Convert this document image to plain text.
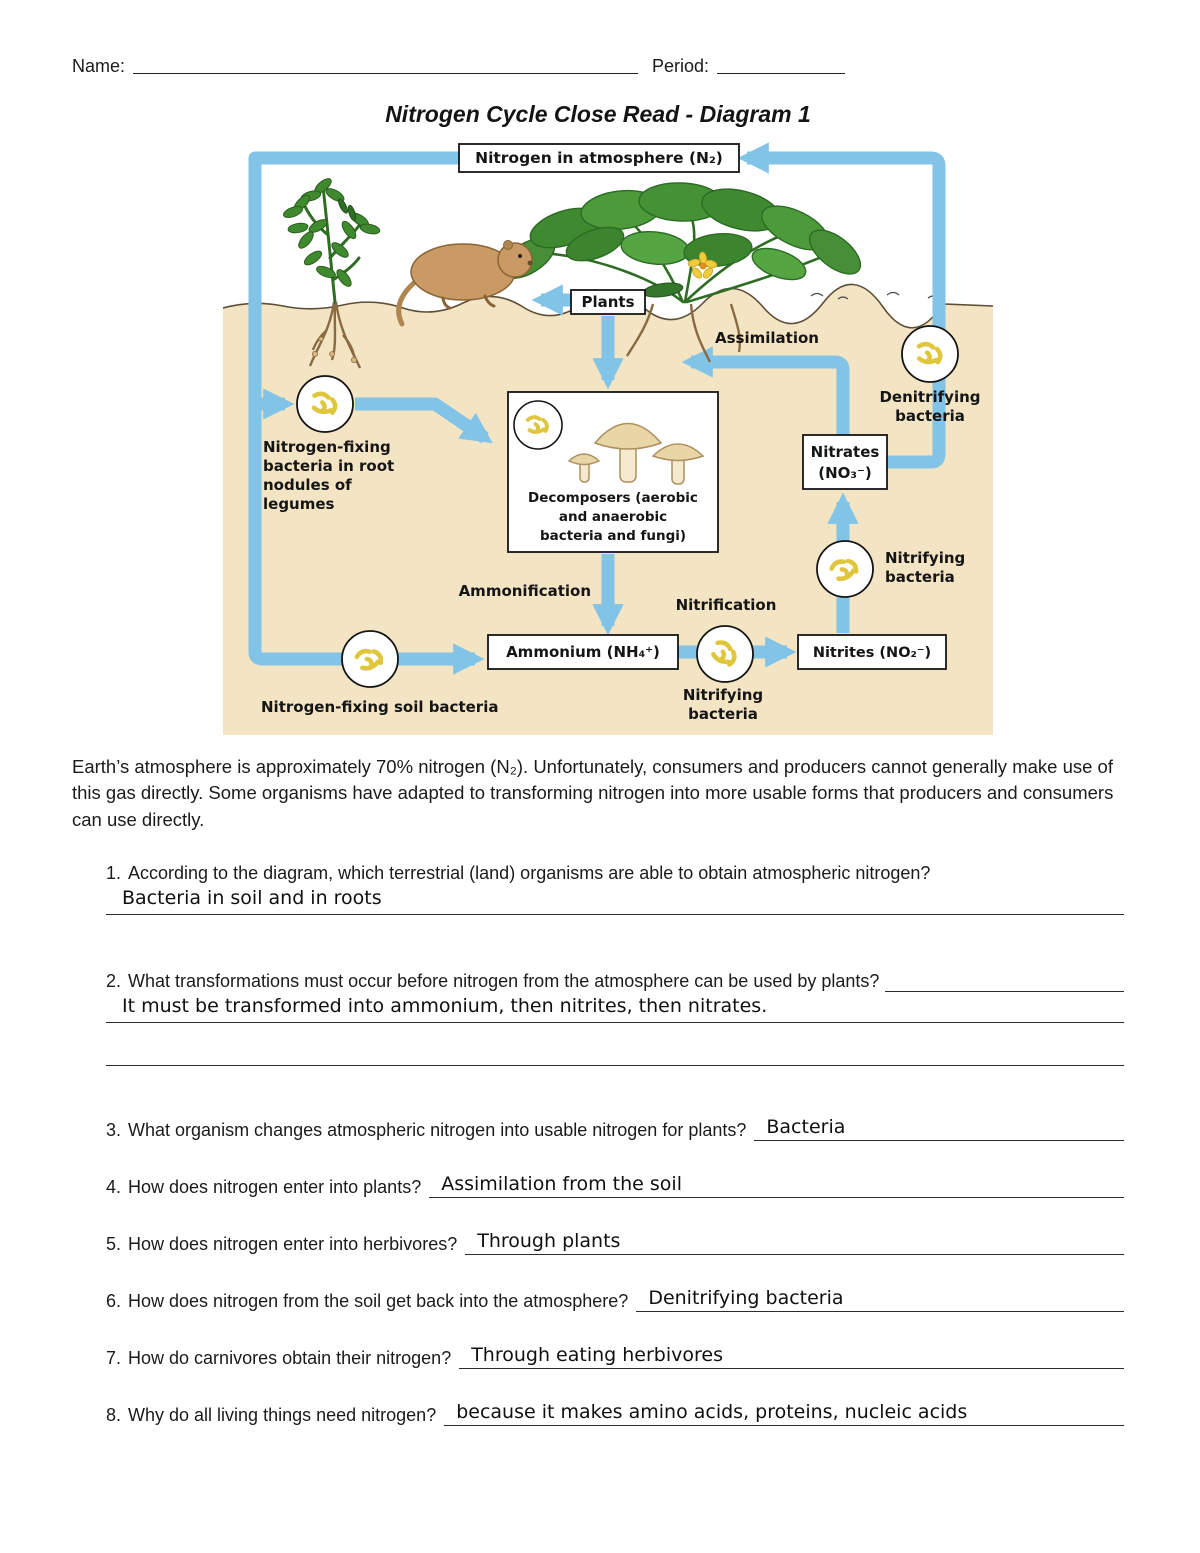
Name:	Period:
Nitrogen Cycle Close Read - Diagram 1
Nitrogen in atmosphere (N₂)
Plants
Decomposers (aerobic
and anaerobic
bacteria and fungi)
Nitrates
(NO₃⁻)
Ammonium (NH₄⁺)	Nitrites (NO₂⁻)
Assimilation
Nitrogen-fixing
bacteria in root
nodules of
legumes
Denitrifying
bacteria
Nitrifying
bacteria
Ammonification
Nitrification
Nitrifying
bacteria
Nitrogen-fixing soil bacteria

Earth’s atmosphere is approximately 70% nitrogen (N₂). Unfortunately, consumers and producers cannot generally make use of this gas directly. Some organisms have adapted to transforming nitrogen into more usable forms that producers and consumers can use directly.

1. According to the diagram, which terrestrial (land) organisms are able to obtain atmospheric nitrogen?

Bacteria in soil and in roots
2. What transformations must occur before nitrogen from the atmosphere can be used by plants?
It must be transformed into ammonium, then nitrites, then nitrates.
3. What organism changes atmospheric nitrogen into usable nitrogen for plants?	Bacteria
4. How does nitrogen enter into plants?	Assimilation from the soil
5. How does nitrogen enter into herbivores?	Through plants
6. How does nitrogen from the soil get back into the atmosphere?	Denitrifying bacteria
7. How do carnivores obtain their nitrogen?	Through eating herbivores
8. Why do all living things need nitrogen?	because it makes amino acids, proteins, nucleic acids
